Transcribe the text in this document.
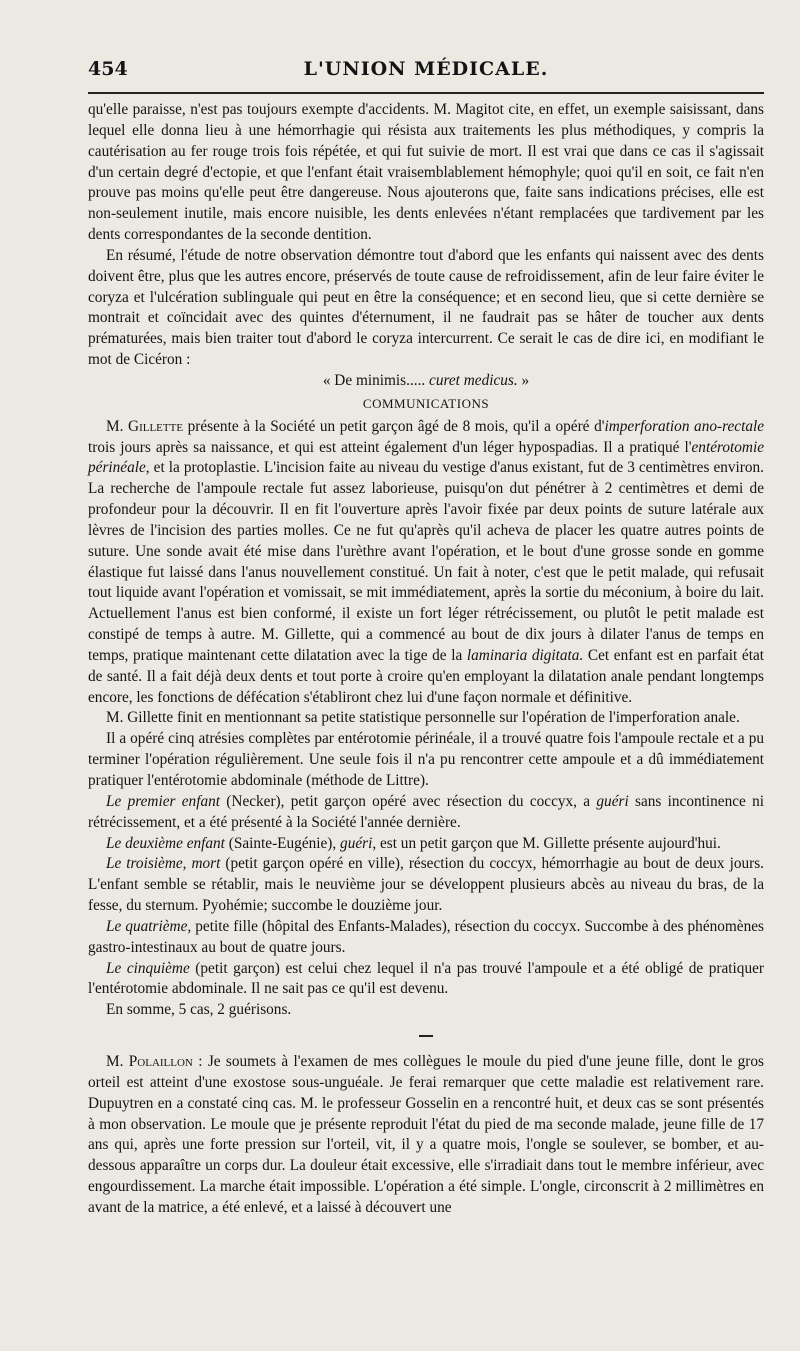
454	L'UNION MÉDICALE.

qu'elle paraisse, n'est pas toujours exempte d'accidents. M. Magitot cite, en effet, un exemple saisissant, dans lequel elle donna lieu à une hémorrhagie qui résista aux traitements les plus méthodiques, y compris la cautérisation au fer rouge trois fois répétée, et qui fut suivie de mort. Il est vrai que dans ce cas il s'agissait d'un certain degré d'ectopie, et que l'enfant était vraisemblablement hémophyle; quoi qu'il en soit, ce fait n'en prouve pas moins qu'elle peut être dangereuse. Nous ajouterons que, faite sans indications précises, elle est non-seulement inutile, mais encore nuisible, les dents enlevées n'étant remplacées que tardivement par les dents correspondantes de la seconde dentition.

En résumé, l'étude de notre observation démontre tout d'abord que les enfants qui naissent avec des dents doivent être, plus que les autres encore, préservés de toute cause de refroidissement, afin de leur faire éviter le coryza et l'ulcération sublinguale qui peut en être la conséquence; et en second lieu, que si cette dernière se montrait et coïncidait avec des quintes d'éternument, il ne faudrait pas se hâter de toucher aux dents prématurées, mais bien traiter tout d'abord le coryza intercurrent. Ce serait le cas de dire ici, en modifiant le mot de Cicéron :

« De minimis..... curet medicus. »

COMMUNICATIONS

M. Gillette présente à la Société un petit garçon âgé de 8 mois, qu'il a opéré d'imperforation ano-rectale trois jours après sa naissance, et qui est atteint également d'un léger hypospadias. Il a pratiqué l'entérotomie périnéale, et la protoplastie. L'incision faite au niveau du vestige d'anus existant, fut de 3 centimètres environ. La recherche de l'ampoule rectale fut assez laborieuse, puisqu'on dut pénétrer à 2 centimètres et demi de profondeur pour la découvrir. Il en fit l'ouverture après l'avoir fixée par deux points de suture latérale aux lèvres de l'incision des parties molles. Ce ne fut qu'après qu'il acheva de placer les quatre autres points de suture. Une sonde avait été mise dans l'urèthre avant l'opération, et le bout d'une grosse sonde en gomme élastique fut laissé dans l'anus nouvellement constitué. Un fait à noter, c'est que le petit malade, qui refusait tout liquide avant l'opération et vomissait, se mit immédiatement, après la sortie du méconium, à boire du lait. Actuellement l'anus est bien conformé, il existe un fort léger rétrécissement, ou plutôt le petit malade est constipé de temps à autre. M. Gillette, qui a commencé au bout de dix jours à dilater l'anus de temps en temps, pratique maintenant cette dilatation avec la tige de la laminaria digitata. Cet enfant est en parfait état de santé. Il a fait déjà deux dents et tout porte à croire qu'en employant la dilatation anale pendant longtemps encore, les fonctions de défécation s'établiront chez lui d'une façon normale et définitive.

M. Gillette finit en mentionnant sa petite statistique personnelle sur l'opération de l'imperforation anale.

Il a opéré cinq atrésies complètes par entérotomie périnéale, il a trouvé quatre fois l'ampoule rectale et a pu terminer l'opération régulièrement. Une seule fois il n'a pu rencontrer cette ampoule et a dû immédiatement pratiquer l'entérotomie abdominale (méthode de Littre).

Le premier enfant (Necker), petit garçon opéré avec résection du coccyx, a guéri sans incontinence ni rétrécissement, et a été présenté à la Société l'année dernière.

Le deuxième enfant (Sainte-Eugénie), guéri, est un petit garçon que M. Gillette présente aujourd'hui.

Le troisième, mort (petit garçon opéré en ville), résection du coccyx, hémorrhagie au bout de deux jours. L'enfant semble se rétablir, mais le neuvième jour se développent plusieurs abcès au niveau du bras, de la fesse, du sternum. Pyohémie; succombe le douzième jour.

Le quatrième, petite fille (hôpital des Enfants-Malades), résection du coccyx. Succombe à des phénomènes gastro-intestinaux au bout de quatre jours.

Le cinquième (petit garçon) est celui chez lequel il n'a pas trouvé l'ampoule et a été obligé de pratiquer l'entérotomie abdominale. Il ne sait pas ce qu'il est devenu.

En somme, 5 cas, 2 guérisons.

M. Polaillon : Je soumets à l'examen de mes collègues le moule du pied d'une jeune fille, dont le gros orteil est atteint d'une exostose sous-unguéale. Je ferai remarquer que cette maladie est relativement rare. Dupuytren en a constaté cinq cas. M. le professeur Gosselin en a rencontré huit, et deux cas se sont présentés à mon observation. Le moule que je présente reproduit l'état du pied de ma seconde malade, jeune fille de 17 ans qui, après une forte pression sur l'orteil, vit, il y a quatre mois, l'ongle se soulever, se bomber, et au-dessous apparaître un corps dur. La douleur était excessive, elle s'irradiait dans tout le membre inférieur, avec engourdissement. La marche était impossible. L'opération a été simple. L'ongle, circonscrit à 2 millimètres en avant de la matrice, a été enlevé, et a laissé à découvert une
